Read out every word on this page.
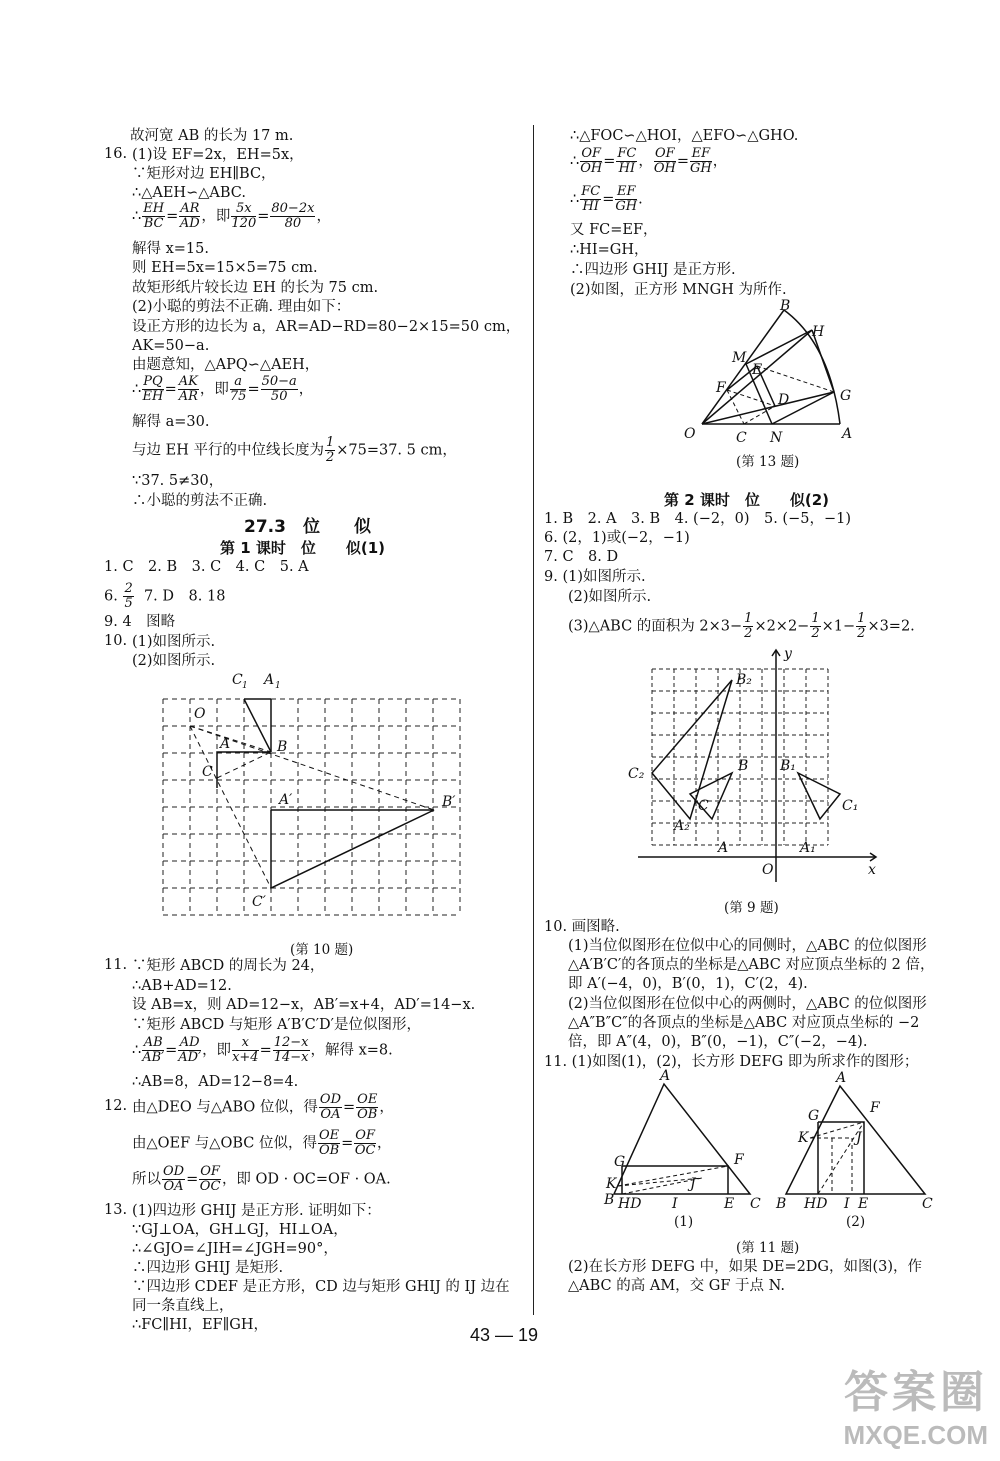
故河宽 AB 的长为 17 m.
16. (1)设 EF=2x，EH=5x，
∵矩形对边 EH∥BC，
∴△AEH∽△ABC.
∴ $\frac{EH}{BC} = \frac{AR}{AD}$ ，即 $\frac{5x}{120} = \frac{80-2x}{80}$ ，
解得 x=15.
则 EH=5x=15×5=75 cm.
故矩形纸片较长边 EH 的长为 75 cm.
(2)小聪的剪法不正确. 理由如下：
设正方形的边长为 a，AR=AD−RD=80−2×15=50 cm，
AK=50−a.
由题意知，△APQ∽△AEH，
∴ $\frac{PQ}{EH} = \frac{AK}{AR}$ ，即 $\frac{a}{75} = \frac{50-a}{50}$ ，
解得 a=30.
与边 EH 平行的中位线长度为 $\frac{1}{2} \times 75=37$. 5 cm，
∵37. 5≠30，
∴小聪的剪法不正确.
27.3　位　　似
第 1 课时　位　　似(1)
1. C　2. B　3. C　4. C　5. A
6. $\frac{2}{5} 7$. D　8. 18
9. 4　图略
10. (1)如图所示.
(2)如图所示.
C 1 A 1
O
A	B
C
A′	B′
C′
(第 10 题)
11. ∵矩形 ABCD 的周长为 24，
∴AB+AD=12.
设 AB=x，则 AD=12−x，AB′=x+4，AD′=14−x.
∵矩形 ABCD 与矩形 A′B′C′D′是位似图形，
∴ $\frac{AB}{AB'} = \frac{AD}{AD'}$ ，即 $\frac{x}{x+4} = \frac{12-x}{14-x}$ ，解得 x=8.
∴AB=8，AD=12−8=4.
12. 由△DEO 与△ABO 位似，得 $\frac{OD}{OA} = \frac{OE}{OB}$ ，
由△OEF 与△OBC 位似，得 $\frac{OE}{OB} = \frac{OF}{OC}$ ，
所以 $\frac{OD}{OA} = \frac{OF}{OC}$ ，即 OD · OC=OF · OA.
13. (1)四边形 GHIJ 是正方形. 证明如下：
∵GJ⊥OA，GH⊥GJ，HI⊥OA，
∴∠GJO=∠JIH=∠JGH=90°，
∴四边形 GHIJ 是矩形.
∵四边形 CDEF 是正方形，CD 边与矩形 GHIJ 的 IJ 边在
同一条直线上，
∴FC∥HI，EF∥GH，
∴△FOC∽△HOI，△EFO∽△GHO.
∴ $\frac{OF}{OH} = \frac{FC}{HI}$ ， $\frac{OF}{OH} = \frac{EF}{GH}$ ，
∴ $\frac{FC}{HI} = \frac{EF}{GH}$ .
又 FC=EF，
∴HI=GH，
∴四边形 GHIJ 是正方形.
(2)如图，正方形 MNGH 为所作.
B
H
M
E
F
D	G
O	C N	A
(第 13 题)
第 2 课时　位　　似(2)
1. B　2. A　3. B　4. (−2，0)　5. (−5，−1)
6. (2，1)或(−2，−1)
7. C　8. D
9. (1)如图所示.
(2)如图所示.
(3)△ABC 的面积为 $2\times 3- \frac{1}{2} \times 2\times 2- \frac{1}{2} \times 1- \frac{1}{2} \times 3=2$.
y
x
O
B₂
C₂
A₂
C
B
A
B₁
C₁
A₁
(第 9 题)
10. 画图略.
(1)当位似图形在位似中心的同侧时，△ABC 的位似图形
△A′B′C′的各顶点的坐标是△ABC 对应顶点坐标的 2 倍，
即 A′(−4，0)，B′(0，1)，C′(2，4).
(2)当位似图形在位似中心的两侧时，△ABC 的位似图形
△A″B″C″的各顶点的坐标是△ABC 对应顶点坐标的 −2
倍，即 A″(4，0)，B″(0，−1)，C″(−2，−4).
11. (1)如图(1)，(2)，长方形 DEFG 即为所求作的图形；
A
G	F
K	J
B HD I	E C
A
G	F
K	J
B HD I E	C
(1)	(2)
(第 11 题)
(2)在长方形 DEFG 中，如果 DE=2DG，如图(3)，作
△ABC 的高 AM，交 GF 于点 N.
43 — 19
答案圈
MXQE.COM
